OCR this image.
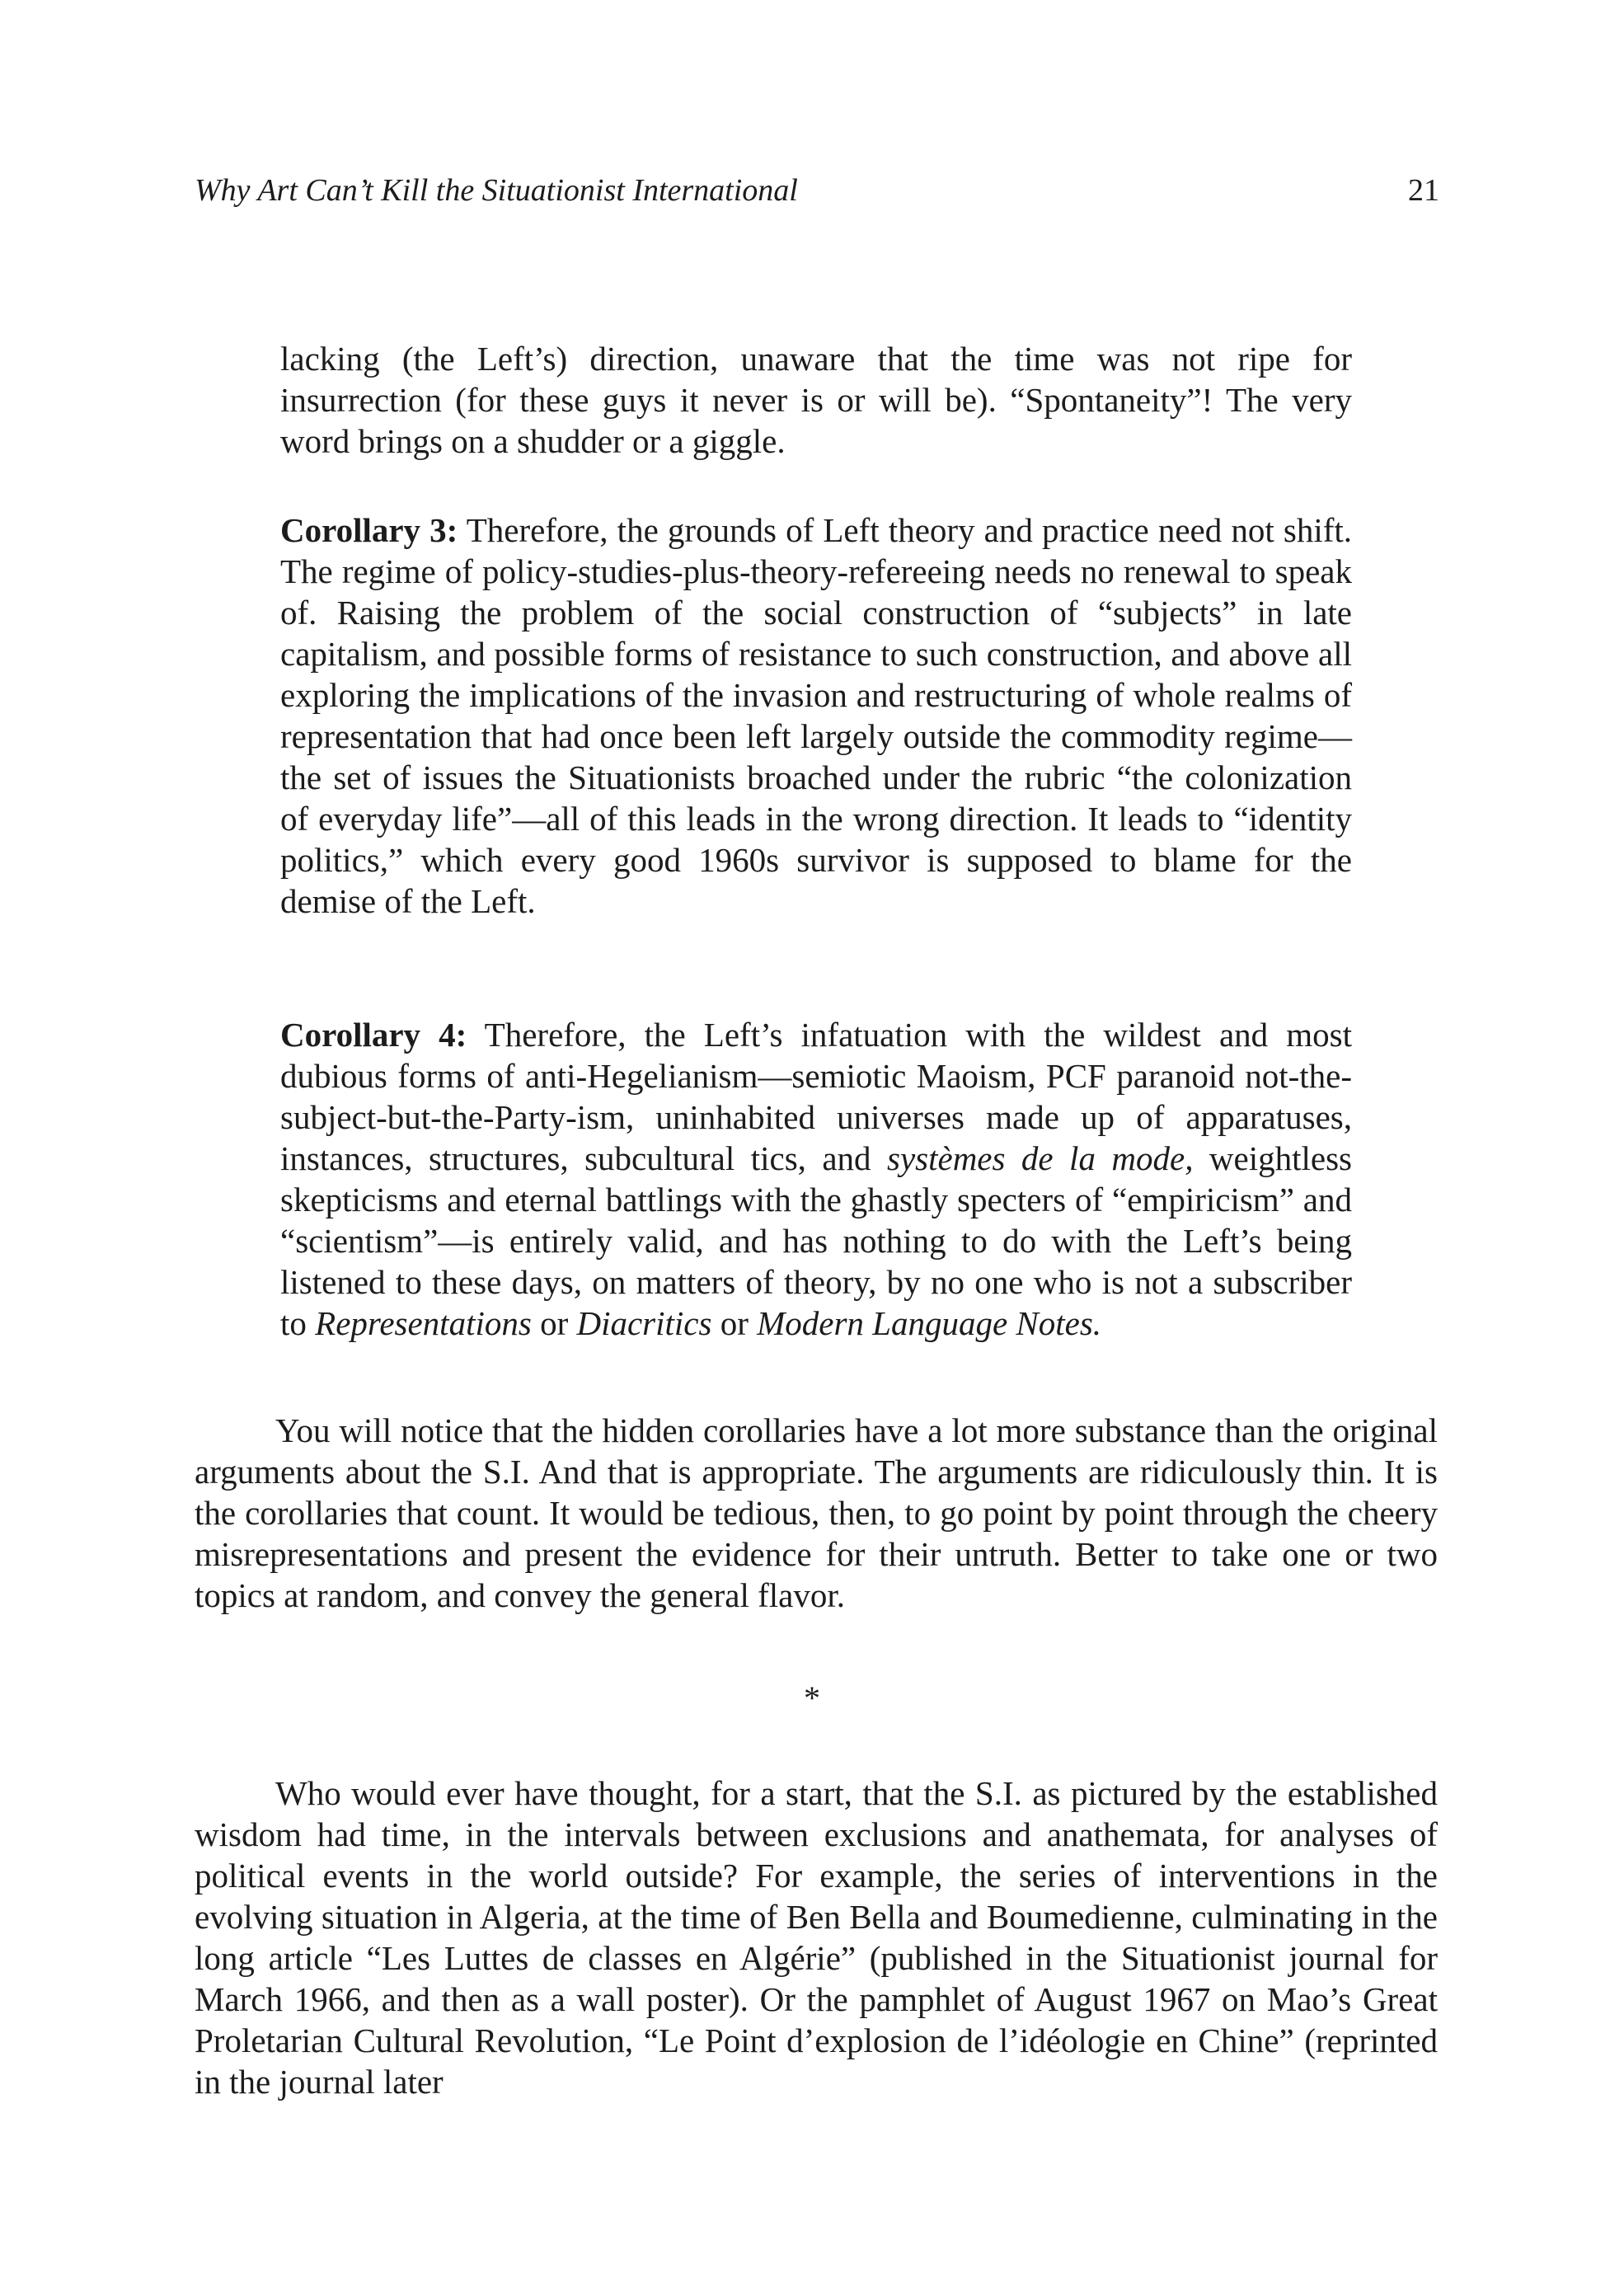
Why Art Can’t Kill the Situationist International	21

lacking (the Left’s) direction, unaware that the time was not ripe for insurrection (for these guys it never is or will be). “Spontaneity”! The very word brings on a shudder or a giggle.

Corollary 3: Therefore, the grounds of Left theory and practice need not shift. The regime of policy-studies-plus-theory-refereeing needs no renewal to speak of. Raising the problem of the social construction of “subjects” in late capitalism, and possible forms of resistance to such construction, and above all exploring the implications of the invasion and restructuring of whole realms of representation that had once been left largely outside the commodity regime—the set of issues the Situationists broached under the rubric “the colonization of everyday life”—all of this leads in the wrong direction. It leads to “identity politics,” which every good 1960s survivor is supposed to blame for the demise of the Left.

Corollary 4: Therefore, the Left’s infatuation with the wildest and most dubious forms of anti-Hegelianism—semiotic Maoism, PCF paranoid not-the-subject-but-the-Party-ism, uninhabited universes made up of apparatuses, instances, structures, subcultural tics, and systèmes de la mode, weightless skepticisms and eternal battlings with the ghastly specters of “empiricism” and “scientism”—is entirely valid, and has nothing to do with the Left’s being listened to these days, on matters of theory, by no one who is not a subscriber to Representations or Diacritics or Modern Language Notes.

You will notice that the hidden corollaries have a lot more substance than the original arguments about the S.I. And that is appropriate. The arguments are ridiculously thin. It is the corollaries that count. It would be tedious, then, to go point by point through the cheery misrepresentations and present the evidence for their untruth. Better to take one or two topics at random, and convey the general flavor.

*

Who would ever have thought, for a start, that the S.I. as pictured by the established wisdom had time, in the intervals between exclusions and anathemata, for analyses of political events in the world outside? For example, the series of interventions in the evolving situation in Algeria, at the time of Ben Bella and Boumedienne, culminating in the long article “Les Luttes de classes en Algérie” (published in the Situationist journal for March 1966, and then as a wall poster). Or the pamphlet of August 1967 on Mao’s Great Proletarian Cultural Revolution, “Le Point d’explosion de l’idéologie en Chine” (reprinted in the journal later
